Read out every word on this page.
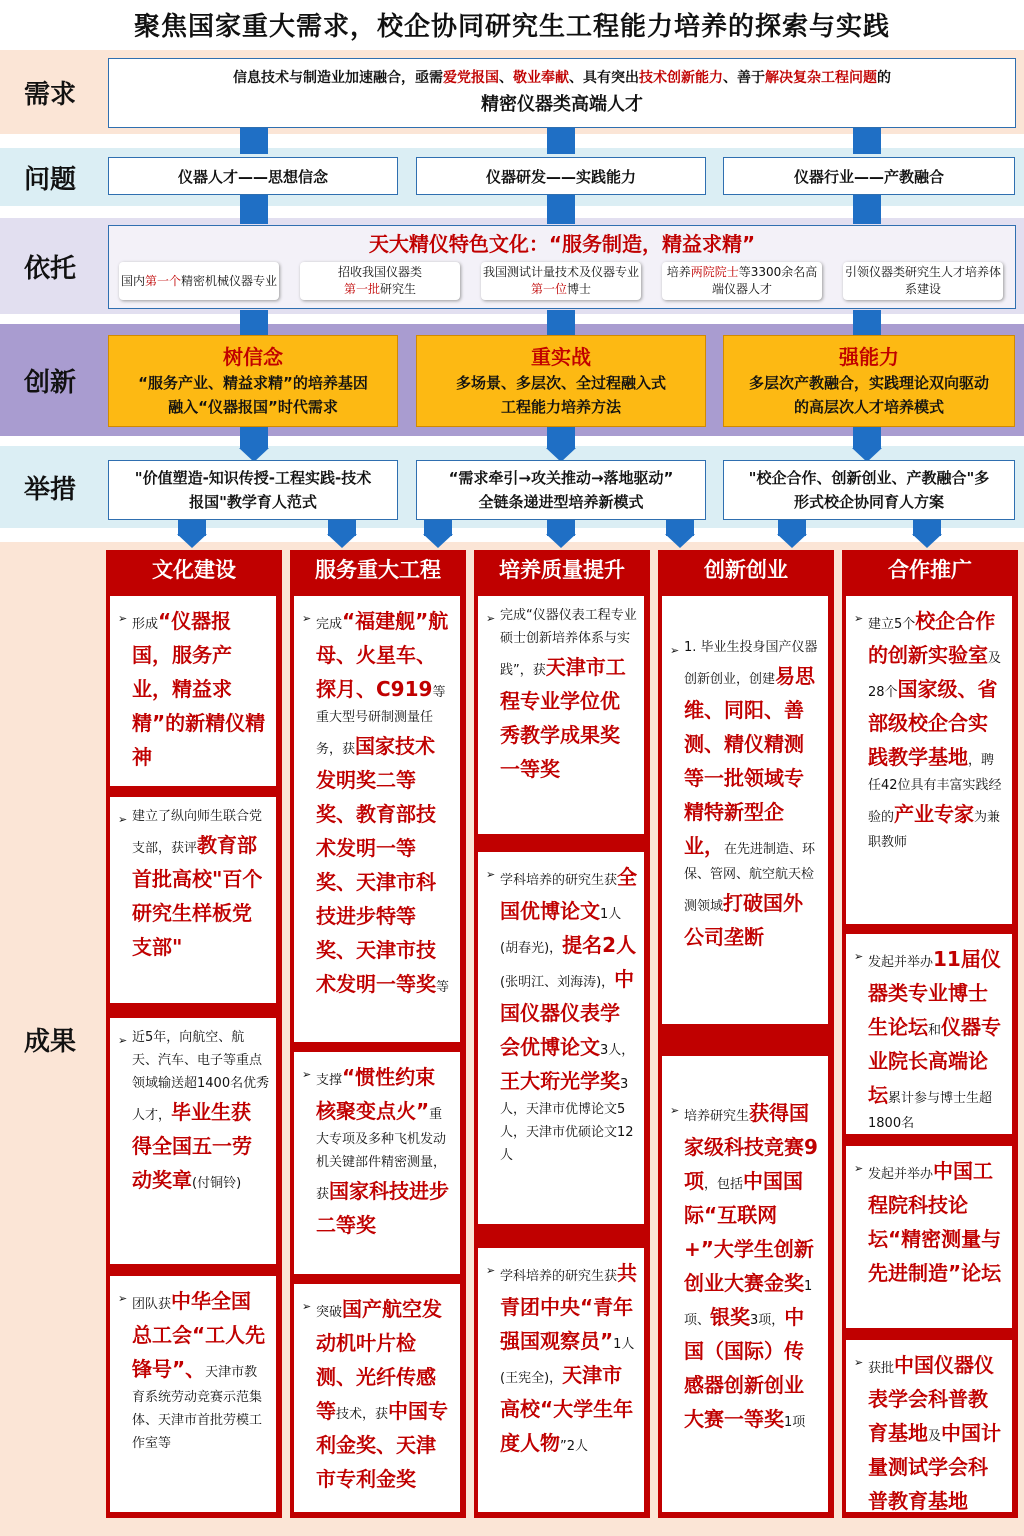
聚焦国家重大需求，校企协同研究生工程能力培养的探索与实践
需求
问题
依托
创新
举措
成果
信息技术与制造业加速融合，亟需爱党报国、敬业奉献、具有突出技术创新能力、善于解决复杂工程问题的
精密仪器类高端人才
仪器人才——思想信念	仪器研发——实践能力	仪器行业——产教融合
天大精仪特色文化：“服务制造，精益求精”
国内第一个精密机械仪器专业
招收我国仪器类
第一批研究生
我国测试计量技术及仪器专业第一位博士
培养两院院士等3300余名高端仪器人才
引领仪器类研究生人才培养体系建设
树信念
“服务产业、精益求精”的培养基因
融入“仪器报国”时代需求
重实战
多场景、多层次、全过程融入式
工程能力培养方法
强能力
多层次产教融合，实践理论双向驱动
的高层次人才培养模式
"价值塑造-知识传授-工程实践-技术
报国"教学育人范式
“需求牵引→攻关推动→落地驱动”
全链条递进型培养新模式
"校企合作、创新创业、产教融合"多
形式校企协同育人方案
文化建设	服务重大工程	培养质量提升	创新创业	合作推广
➢ 形成“仪器报国，服务产业，精益求精”的新精仪精神
➢ 建立了纵向师生联合党支部，获评教育部首批高校"百个研究生样板党支部"
➢ 近5年，向航空、航天、汽车、电子等重点领域输送超1400名优秀人才，毕业生获得全国五一劳动奖章(付铜铃)
➢ 团队获中华全国总工会“工人先锋号”、天津市教育系统劳动竞赛示范集体、天津市首批劳模工作室等
➢ 完成“福建舰”航母、火星车、探月、C919等重大型号研制测量任务，获国家技术发明奖二等奖、教育部技术发明一等奖、天津市科技进步特等奖、天津市技术发明一等奖等
➢ 支撑“惯性约束核聚变点火”重大专项及多种飞机发动机关键部件精密测量，获国家科技进步二等奖
➢ 突破国产航空发动机叶片检测、光纤传感等技术，获中国专利金奖、天津市专利金奖
➢ 完成“仪器仪表工程专业硕士创新培养体系与实践”，获天津市工程专业学位优秀教学成果奖一等奖
➢ 学科培养的研究生获全国优博论文1人(胡春光)，提名2人(张明江、刘海涛)，中国仪器仪表学会优博论文3人，王大珩光学奖3人，天津市优博论文5人，天津市优硕论文12人
➢ 学科培养的研究生获共青团中央“青年强国观察员”1人(王宪全)，天津市高校“大学生年度人物”2人
➢ 1. 毕业生投身国产仪器创新创业，创建易思维、同阳、善测、精仪精测等一批领域专精特新型企业，在先进制造、环保、管网、航空航天检测领域打破国外公司垄断
➢ 培养研究生获得国家级科技竞赛9项，包括中国国际“互联网+”大学生创新创业大赛金奖1项、银奖3项，中国（国际）传感器创新创业大赛一等奖1项
➢ 建立5个校企合作的创新实验室及28个国家级、省部级校企合实践教学基地，聘任42位具有丰富实践经验的产业专家为兼职教师
➢ 发起并举办11届仪器类专业博士生论坛和仪器专业院长高端论坛累计参与博士生超1800名
➢ 发起并举办中国工程院科技论坛“精密测量与先进制造”论坛
➢ 获批中国仪器仪表学会科普教育基地及中国计量测试学会科普教育基地
